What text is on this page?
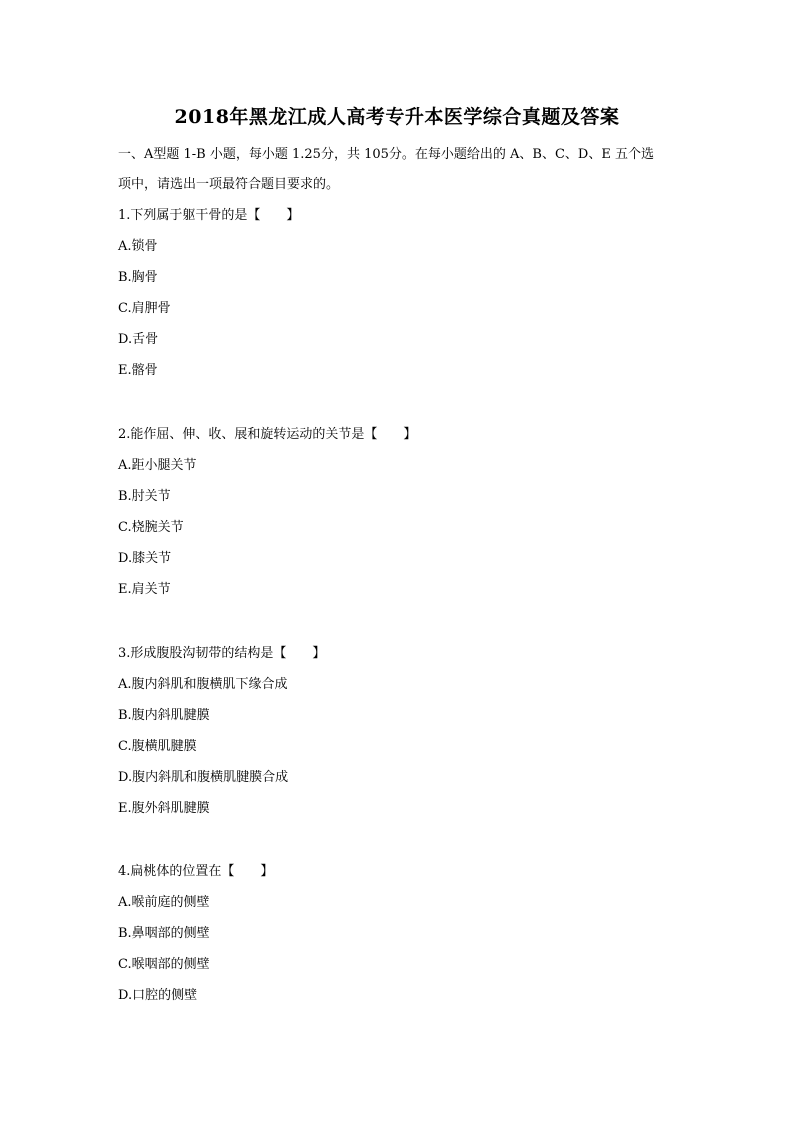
2018年黑龙江成人高考专升本医学综合真题及答案
一、A型题 1-B 小题，每小题 1.25分，共 105分。在每小题给出的 A、B、C、D、E 五个选
项中，请选出一项最符合题目要求的。
1.下列属于躯干骨的是【　　】
A.锁骨
B.胸骨
C.肩胛骨
D.舌骨
E.髂骨
2.能作屈、伸、收、展和旋转运动的关节是【　　】
A.距小腿关节
B.肘关节
C.桡腕关节
D.膝关节
E.肩关节
3.形成腹股沟韧带的结构是【　　】
A.腹内斜肌和腹横肌下缘合成
B.腹内斜肌腱膜
C.腹横肌腱膜
D.腹内斜肌和腹横肌腱膜合成
E.腹外斜肌腱膜
4.扁桃体的位置在【　　】
A.喉前庭的侧壁
B.鼻咽部的侧壁
C.喉咽部的侧壁
D.口腔的侧壁
